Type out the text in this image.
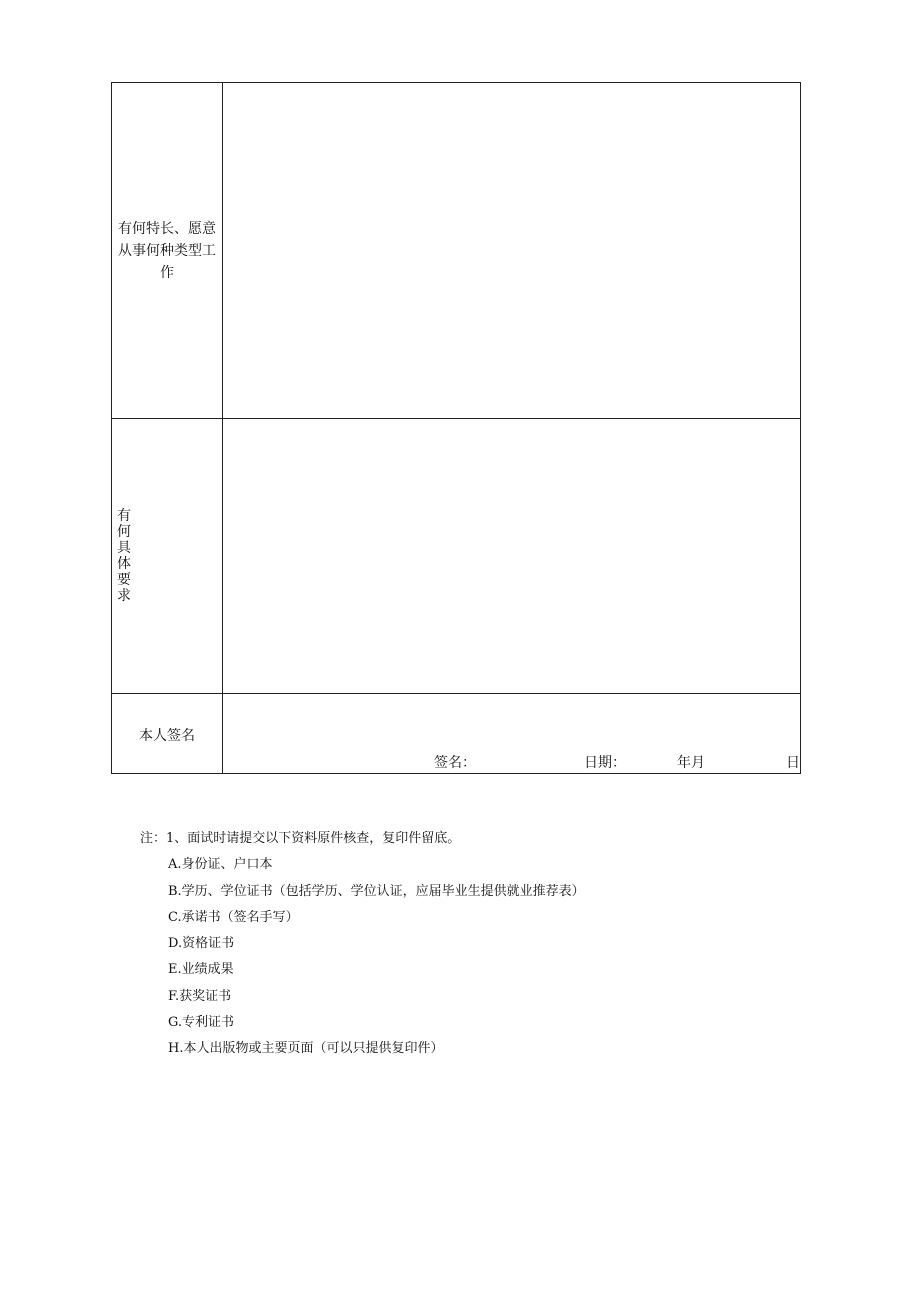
有何特长、愿意从事何种类型工作
有何具体要求
本人签名
签名：	日期：	年月	日
注：1、面试时请提交以下资料原件核查，复印件留底。
A.身份证、户口本
B.学历、学位证书（包括学历、学位认证，应届毕业生提供就业推荐表）
C.承诺书（签名手写）
D.资格证书
E.业绩成果
F.获奖证书
G.专利证书
H.本人出版物或主要页面（可以只提供复印件）
